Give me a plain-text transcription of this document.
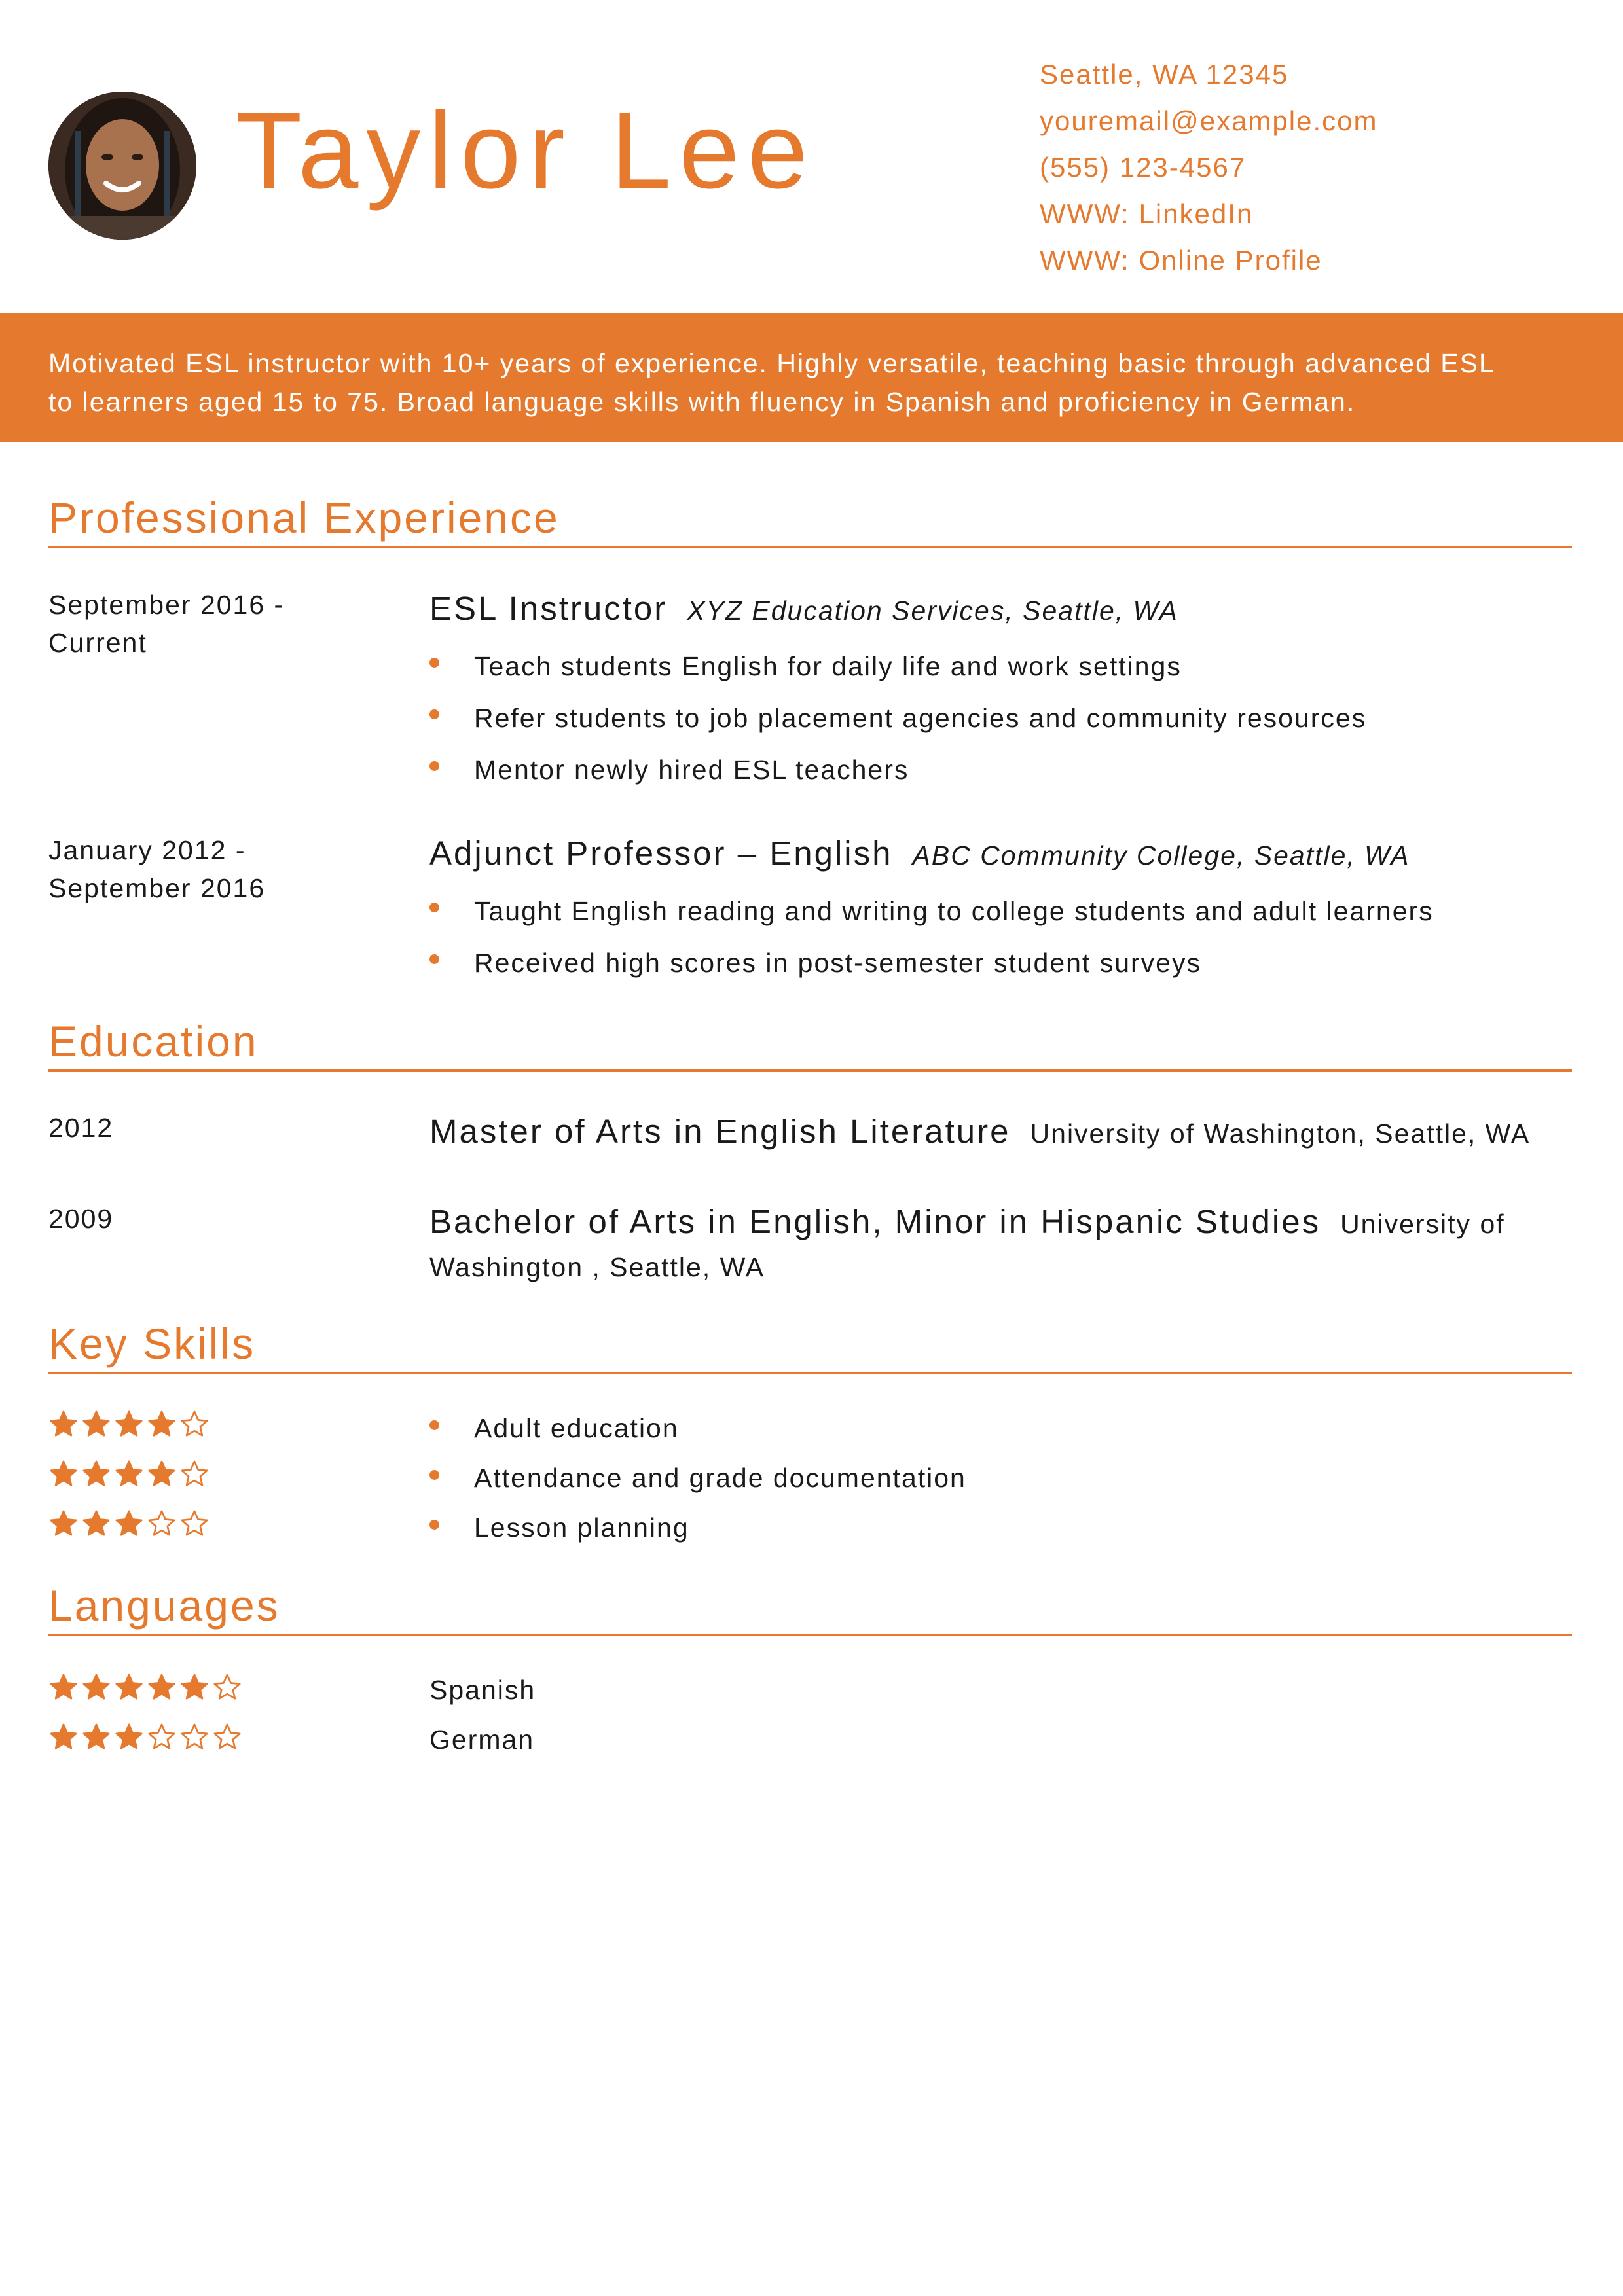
Taylor Lee
Seattle, WA 12345
youremail@example.com
(555) 123-4567
WWW: LinkedIn
WWW: Online Profile

Motivated ESL instructor with 10+ years of experience. Highly versatile, teaching basic through advanced ESL

to learners aged 15 to 75. Broad language skills with fluency in Spanish and proficiency in German.

Professional Experience
September 2016 -
Current
ESL Instructor XYZ Education Services, Seattle, WA
Teach students English for daily life and work settings
Refer students to job placement agencies and community resources
Mentor newly hired ESL teachers
January 2012 -
September 2016
Adjunct Professor – English ABC Community College, Seattle, WA
Taught English reading and writing to college students and adult learners
Received high scores in post-semester student surveys
Education
2012	Master of Arts in English Literature University of Washington, Seattle, WA
2009	Bachelor of Arts in English, Minor in Hispanic Studies University of
Washington , Seattle, WA
Key Skills
Adult education
Attendance and grade documentation
Lesson planning
Languages
Spanish
German
